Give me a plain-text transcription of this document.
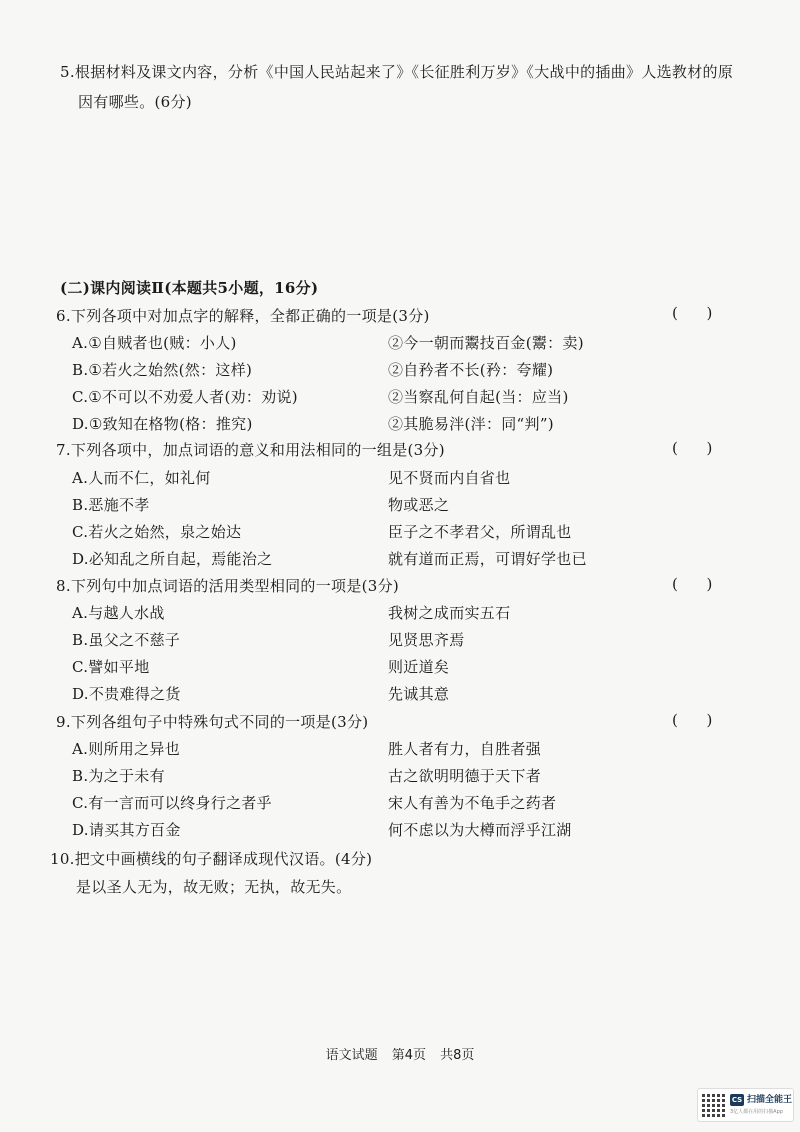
5.根据材料及课文内容，分析《中国人民站起来了》《长征胜利万岁》《大战中的插曲》人选教材的原
因有哪些。(6分)
(二)课内阅读Ⅱ(本题共5小题，16分)
6.下列各项中对加点字的解释，全都正确的一项是(3分)	(      )
A.①自贼者也(贼：小人)	②今一朝而鬻技百金(鬻：卖)
B.①若火之始然(然：这样)	②自矜者不长(矜：夸耀)
C.①不可以不劝爱人者(劝：劝说)	②当察乱何自起(当：应当)
D.①致知在格物(格：推究)	②其脆易泮(泮：同“判”)
7.下列各项中，加点词语的意义和用法相同的一组是(3分)	(      )
A.人而不仁，如礼何	见不贤而内自省也
B.恶施不孝	物或恶之
C.若火之始然，泉之始达	臣子之不孝君父，所谓乱也
D.必知乱之所自起，焉能治之	就有道而正焉，可谓好学也已
8.下列句中加点词语的活用类型相同的一项是(3分)	(      )
A.与越人水战	我树之成而实五石
B.虽父之不慈子	见贤思齐焉
C.譬如平地	则近道矣
D.不贵难得之货	先诚其意
9.下列各组句子中特殊句式不同的一项是(3分)	(      )
A.则所用之异也	胜人者有力，自胜者强
B.为之于未有	古之欲明明德于天下者
C.有一言而可以终身行之者乎	宋人有善为不龟手之药者
D.请买其方百金	何不虑以为大樽而浮乎江湖
10.把文中画横线的句子翻译成现代汉语。(4分)
是以圣人无为，故无败；无执，故无失。
语文试题 第4页 共8页
CS 扫描全能王
3亿人都在用的扫描App
